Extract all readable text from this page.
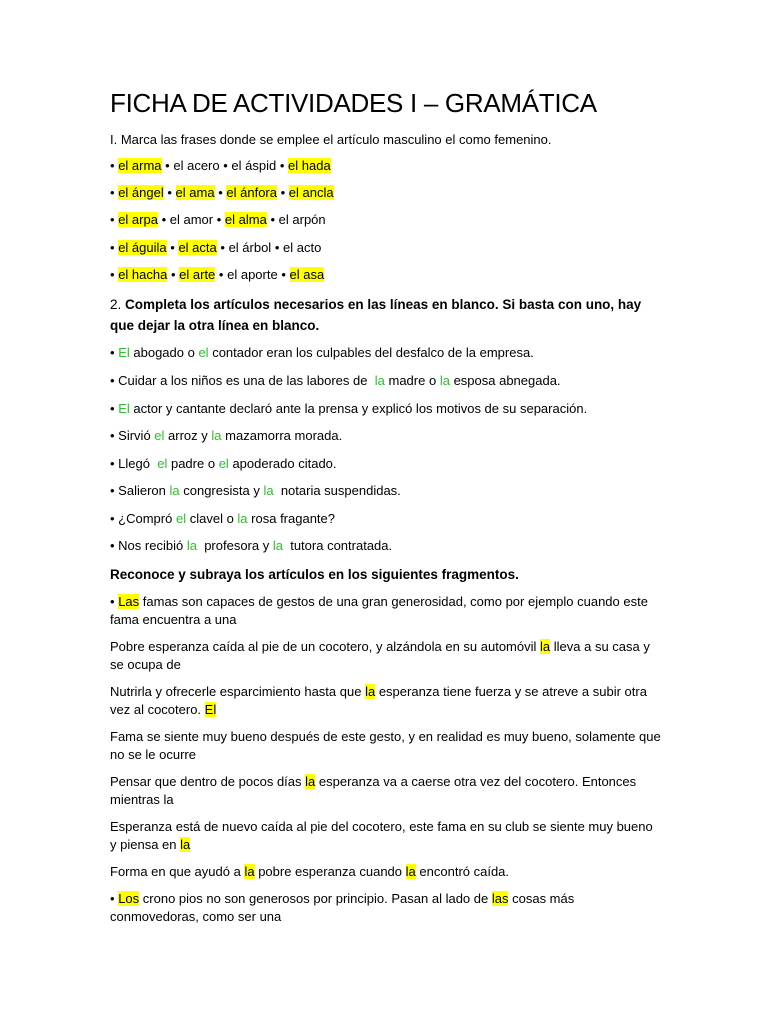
FICHA DE ACTIVIDADES I – GRAMÁTICA
I. Marca las frases donde se emplee el artículo masculino el como femenino.
• el arma • el acero • el áspid • el hada
• el ángel • el ama • el ánfora • el ancla
• el arpa • el amor • el alma • el arpón
• el águila • el acta • el árbol • el acto
• el hacha • el arte • el aporte • el asa
2. Completa los artículos necesarios en las líneas en blanco. Si basta con uno, hay que dejar la otra línea en blanco.
• El abogado o el contador eran los culpables del desfalco de la empresa.
• Cuidar a los niños es una de las labores de la madre o la esposa abnegada.
• El actor y cantante declaró ante la prensa y explicó los motivos de su separación.
• Sirvió el arroz y la mazamorra morada.
• Llegó el padre o el apoderado citado.
• Salieron la congresista y la notaria suspendidas.
• ¿Compró el clavel o la rosa fragante?
• Nos recibió la profesora y la tutora contratada.
Reconoce y subraya los artículos en los siguientes fragmentos.
• Las famas son capaces de gestos de una gran generosidad, como por ejemplo cuando este fama encuentra a una
Pobre esperanza caída al pie de un cocotero, y alzándola en su automóvil la lleva a su casa y se ocupa de
Nutrirla y ofrecerle esparcimiento hasta que la esperanza tiene fuerza y se atreve a subir otra vez al cocotero. El
Fama se siente muy bueno después de este gesto, y en realidad es muy bueno, solamente que no se le ocurre
Pensar que dentro de pocos días la esperanza va a caerse otra vez del cocotero. Entonces mientras la
Esperanza está de nuevo caída al pie del cocotero, este fama en su club se siente muy bueno y piensa en la
Forma en que ayudó a la pobre esperanza cuando la encontró caída.
• Los crono pios no son generosos por principio. Pasan al lado de las cosas más conmovedoras, como ser una
